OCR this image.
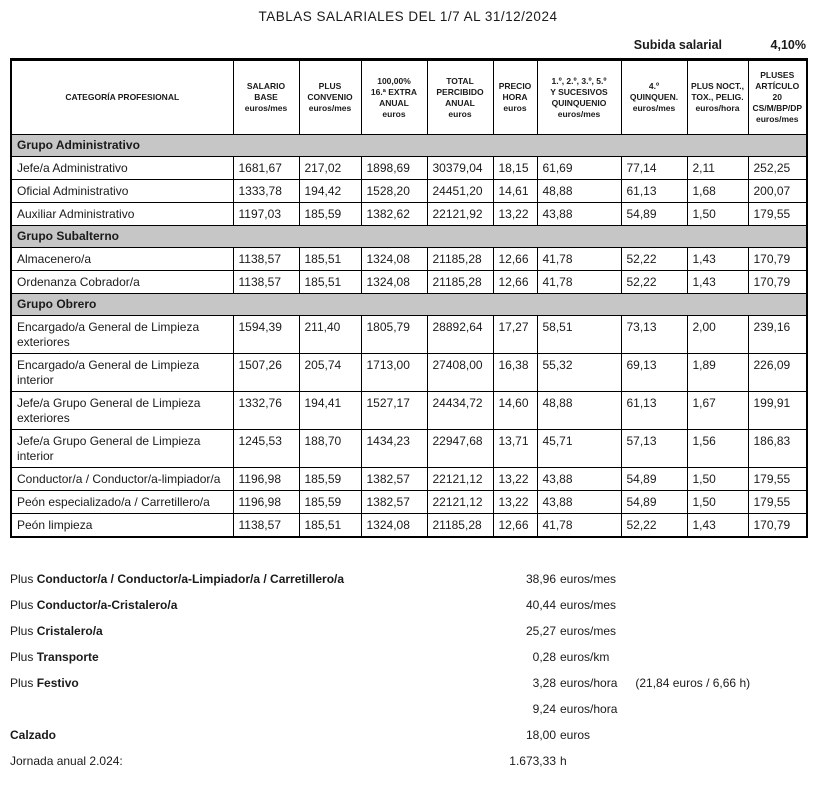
TABLAS SALARIALES DEL 1/7 AL 31/12/2024
Subida salarial	4,10%
CATEGORÍA PROFESIONAL

SALARIO
BASE
euros/mes

PLUS
CONVENIO
euros/mes

100,00%
16.ª EXTRA
ANUAL
euros

TOTAL
PERCIBIDO
ANUAL
euros

PRECIO
HORA
euros

1.º, 2.º, 3.º, 5.º
Y SUCESIVOS
QUINQUENIO
euros/mes

4.º
QUINQUEN.
euros/mes

PLUS NOCT.,
TOX., PELIG.
euros/hora

PLUSES
ARTÍCULO 20
CS/M/BP/DP
euros/mes

Grupo Administrativo									
Jefe/a Administrativo	1681,67	217,02	1898,69	30379,04	18,15	61,69	77,14	2,11	252,25
Oficial Administrativo	1333,78	194,42	1528,20	24451,20	14,61	48,88	61,13	1,68	200,07
Auxiliar Administrativo	1197,03	185,59	1382,62	22121,92	13,22	43,88	54,89	1,50	179,55
Grupo Subalterno									
Almacenero/a	1138,57	185,51	1324,08	21185,28	12,66	41,78	52,22	1,43	170,79
Ordenanza Cobrador/a	1138,57	185,51	1324,08	21185,28	12,66	41,78	52,22	1,43	170,79
Grupo Obrero									
Encargado/a General de Limpieza exteriores	1594,39	211,40	1805,79	28892,64	17,27	58,51	73,13	2,00	239,16
Encargado/a General de Limpieza interior	1507,26	205,74	1713,00	27408,00	16,38	55,32	69,13	1,89	226,09
Jefe/a Grupo General de Limpieza exteriores	1332,76	194,41	1527,17	24434,72	14,60	48,88	61,13	1,67	199,91
Jefe/a Grupo General de Limpieza interior	1245,53	188,70	1434,23	22947,68	13,71	45,71	57,13	1,56	186,83
Conductor/a / Conductor/a-limpiador/a	1196,98	185,59	1382,57	22121,12	13,22	43,88	54,89	1,50	179,55
Peón especializado/a / Carretillero/a	1196,98	185,59	1382,57	22121,12	13,22	43,88	54,89	1,50	179,55
Peón limpieza	1138,57	185,51	1324,08	21185,28	12,66	41,78	52,22	1,43	170,79
Plus Conductor/a / Conductor/a-Limpiador/a / Carretillero/a	38,96 euros/mes
Plus Conductor/a-Cristalero/a	40,44 euros/mes
Plus Cristalero/a	25,27 euros/mes
Plus Transporte	0,28 euros/km
Plus Festivo	3,28 euros/hora (21,84 euros / 6,66 h)
9,24 euros/hora
Calzado	18,00 euros
Jornada anual 2.024:	1.673,33 h
